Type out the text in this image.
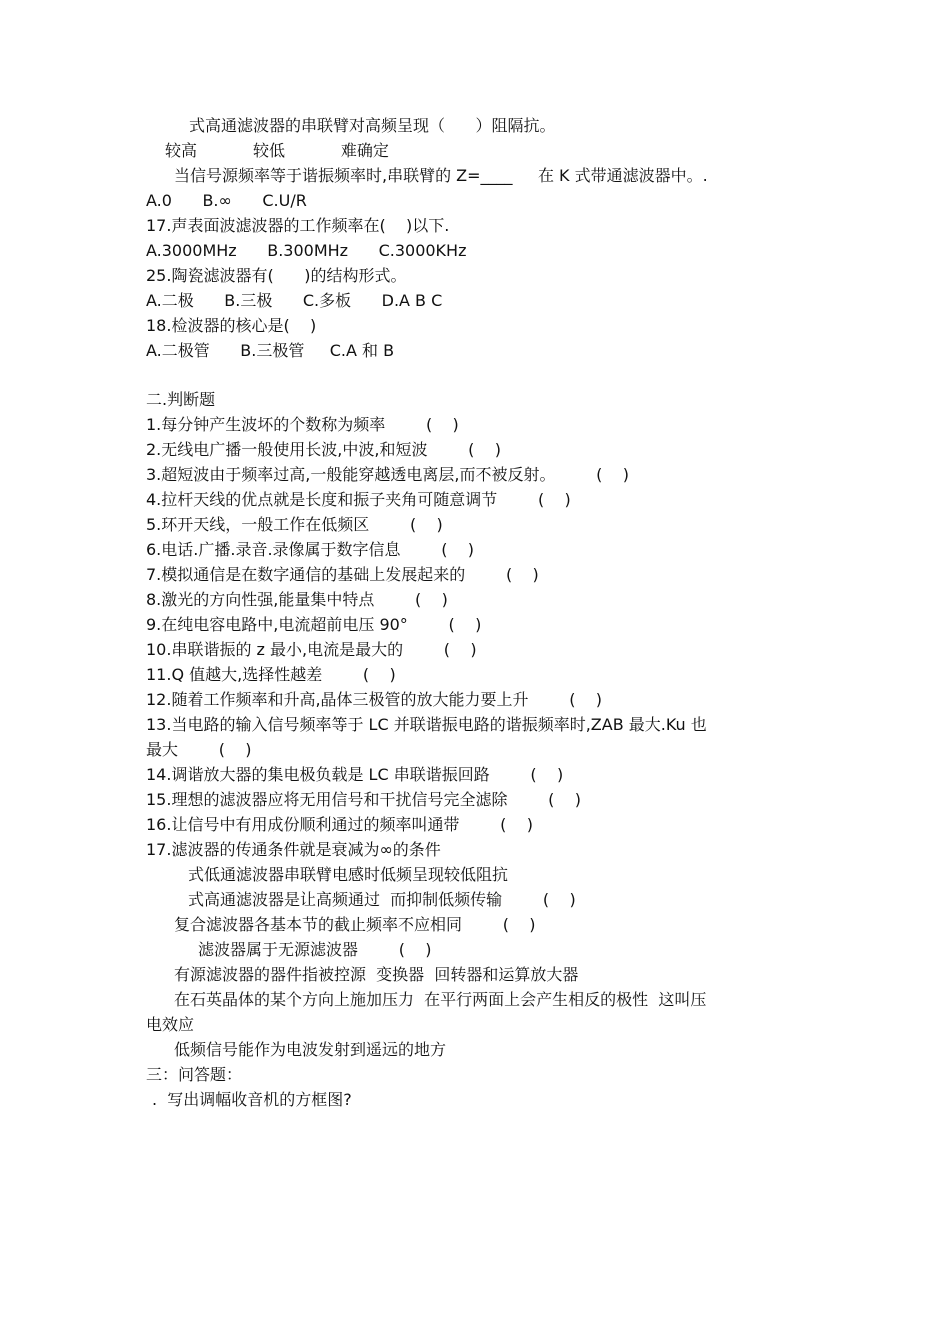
式高通滤波器的串联臂对高频呈现（      ）阻隔抗。
较高           较低           难确定
当信号源频率等于谐振频率时,串联臂的 Z=____     在 K 式带通滤波器中。.
A.0      B.∞      C.U/R
17.声表面波滤波器的工作频率在(    )以下.
A.3000MHz      B.300MHz      C.3000KHz
25.陶瓷滤波器有(      )的结构形式。
A.二极      B.三极      C.多板      D.A B C
18.检波器的核心是(    )
A.二极管      B.三极管     C.A 和 B
二.判断题
1.每分钟产生波坏的个数称为频率        (    )
2.无线电广播一般使用长波,中波,和短波        (    )
3.超短波由于频率过高,一般能穿越透电离层,而不被反射。        (    )
4.拉杆天线的优点就是长度和振子夹角可随意调节        (    )
5.环开天线，一般工作在低频区        (    )
6.电话.广播.录音.录像属于数字信息        (    )
7.模拟通信是在数字通信的基础上发展起来的        (    )
8.激光的方向性强,能量集中特点        (    )
9.在纯电容电路中,电流超前电压 90°        (    )
10.串联谐振的 z 最小,电流是最大的        (    )
11.Q 值越大,选择性越差        (    )
12.随着工作频率和升高,晶体三极管的放大能力要上升        (    )
13.当电路的输入信号频率等于 LC 并联谐振电路的谐振频率时,ZAB 最大.Ku 也
最大        (    )
14.调谐放大器的集电极负载是 LC 串联谐振回路        (    )
15.理想的滤波器应将无用信号和干扰信号完全滤除        (    )
16.让信号中有用成份顺利通过的频率叫通带        (    )
17.滤波器的传通条件就是衰减为∞的条件
式低通滤波器串联臂电感时低频呈现较低阻抗
式高通滤波器是让高频通过  而抑制低频传输        (    )
复合滤波器各基本节的截止频率不应相同        (    )
滤波器属于无源滤波器        (    )
有源滤波器的器件指被控源  变换器  回转器和运算放大器
在石英晶体的某个方向上施加压力  在平行两面上会产生相反的极性  这叫压
电效应
低频信号能作为电波发射到遥远的地方
三：问答题：
.  写出调幅收音机的方框图?
